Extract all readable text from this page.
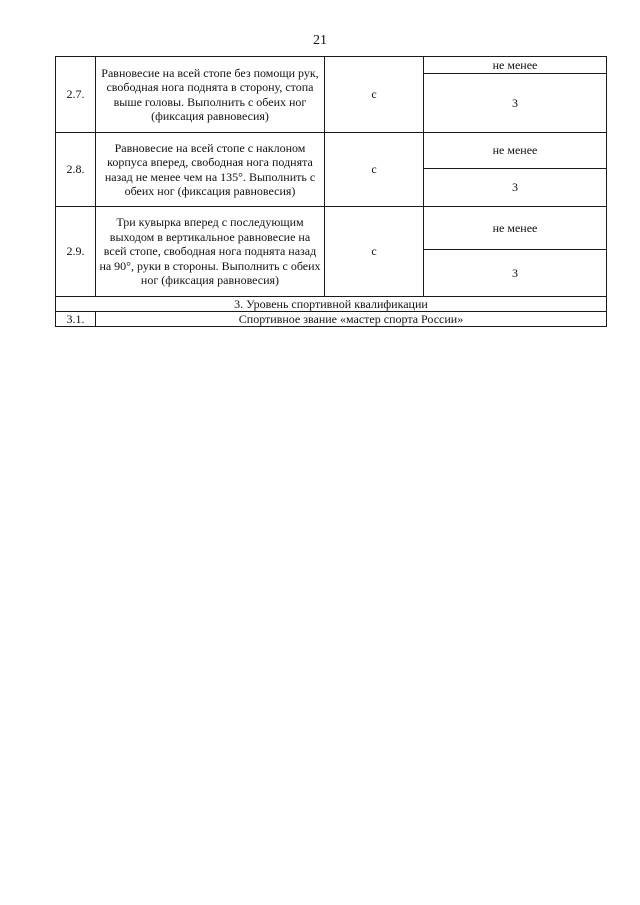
21
2.7.	Равновесие на всей стопе без помощи рук, свободная нога поднята в сторону, стопа выше головы. Выполнить с обеих ног (фиксация равновесия)	с	не менее
			3
2.8.	Равновесие на всей стопе с наклоном корпуса вперед, свободная нога поднята назад не менее чем на 135°. Выполнить с обеих ног (фиксация равновесия)	с	не менее
			3
2.9.	Три кувырка вперед с последующим выходом в вертикальное равновесие на всей стопе, свободная нога поднята назад на 90°, руки в стороны. Выполнить с обеих ног (фиксация равновесия)	с	не менее
			3
3. Уровень спортивной квалификации			
3.1.	Спортивное звание «мастер спорта России»		
